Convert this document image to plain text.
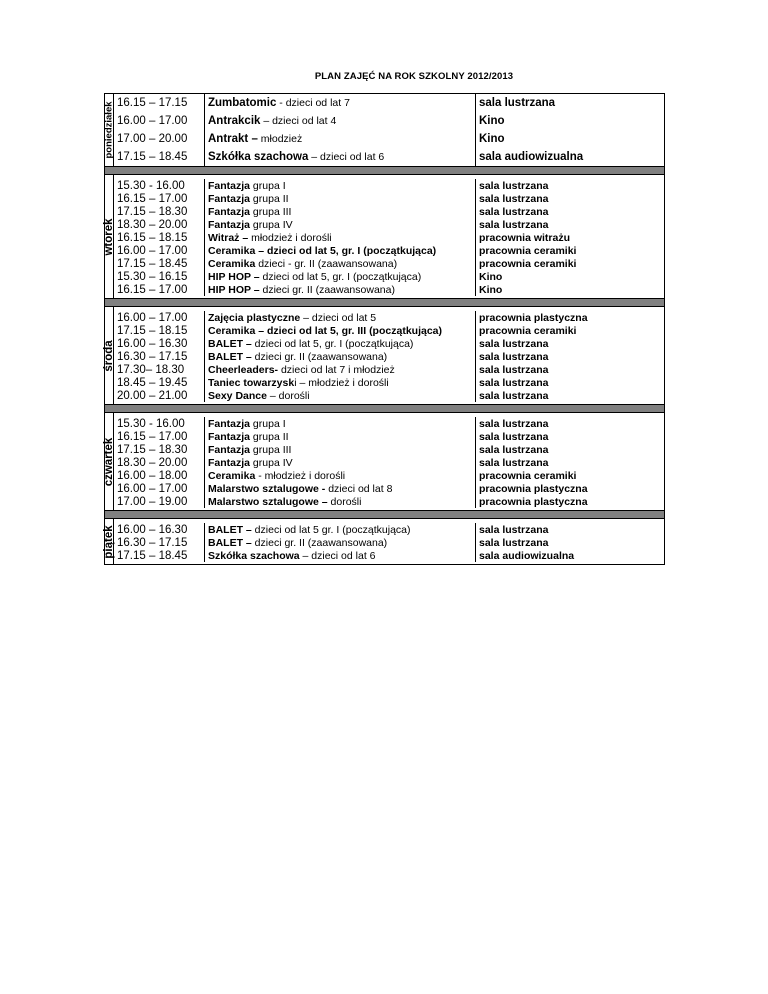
PLAN ZAJĘĆ NA ROK SZKOLNY 2012/2013
poniedziałek 16.15 – 17.15	Zumbatomic - dzieci od lat 7	sala lustrzana
16.00 – 17.00	Antrakcik – dzieci od lat 4	Kino
17.00 – 20.00	Antrakt – młodzież	Kino
17.15 – 18.45	Szkółka szachowa – dzieci od lat 6	sala audiowizualna
wtorek
15.30 - 16.00	Fantazja grupa I	sala lustrzana
16.15 – 17.00	Fantazja grupa II	sala lustrzana
17.15 – 18.30	Fantazja grupa III	sala lustrzana
18.30 – 20.00	Fantazja grupa IV	sala lustrzana
16.15 – 18.15	Witraż – młodzież i dorośli	pracownia witrażu
16.00 – 17.00	Ceramika – dzieci od lat 5, gr. I (początkująca)	pracownia ceramiki
17.15 – 18.45	Ceramika dzieci - gr. II (zaawansowana)	pracownia ceramiki
15.30 – 16.15	HIP HOP – dzieci od lat 5, gr. I (początkująca)	Kino
16.15 – 17.00	HIP HOP – dzieci gr. II (zaawansowana)	Kino
środa
16.00 – 17.00	Zajęcia plastyczne – dzieci od lat 5	pracownia plastyczna
17.15 – 18.15	Ceramika – dzieci od lat 5, gr. III (początkująca)	pracownia ceramiki
16.00 – 16.30	BALET – dzieci od lat 5, gr. I (początkująca)	sala lustrzana
16.30 – 17.15	BALET – dzieci gr. II (zaawansowana)	sala lustrzana
17.30– 18.30	Cheerleaders- dzieci od lat 7 i młodzież	sala lustrzana
18.45 – 19.45	Taniec towarzysk i – młodzież i dorośli	sala lustrzana
20.00 – 21.00	Sexy Dance – dorośli	sala lustrzana
czwartek
15.30 - 16.00	Fantazja grupa I	sala lustrzana
16.15 – 17.00	Fantazja grupa II	sala lustrzana
17.15 – 18.30	Fantazja grupa III	sala lustrzana
18.30 – 20.00	Fantazja grupa IV	sala lustrzana
16.00 – 18.00	Ceramika - młodzież i dorośli	pracownia ceramiki
16.00 – 17.00	Malarstwo sztalugowe - dzieci od lat 8	pracownia plastyczna
17.00 – 19.00	Malarstwo sztalugowe – dorośli	pracownia plastyczna
piątek 16.00 – 16.30	BALET – dzieci od lat 5 gr. I (początkująca)	sala lustrzana
16.30 – 17.15	BALET – dzieci gr. II (zaawansowana)	sala lustrzana
17.15 – 18.45	Szkółka szachowa – dzieci od lat 6	sala audiowizualna
